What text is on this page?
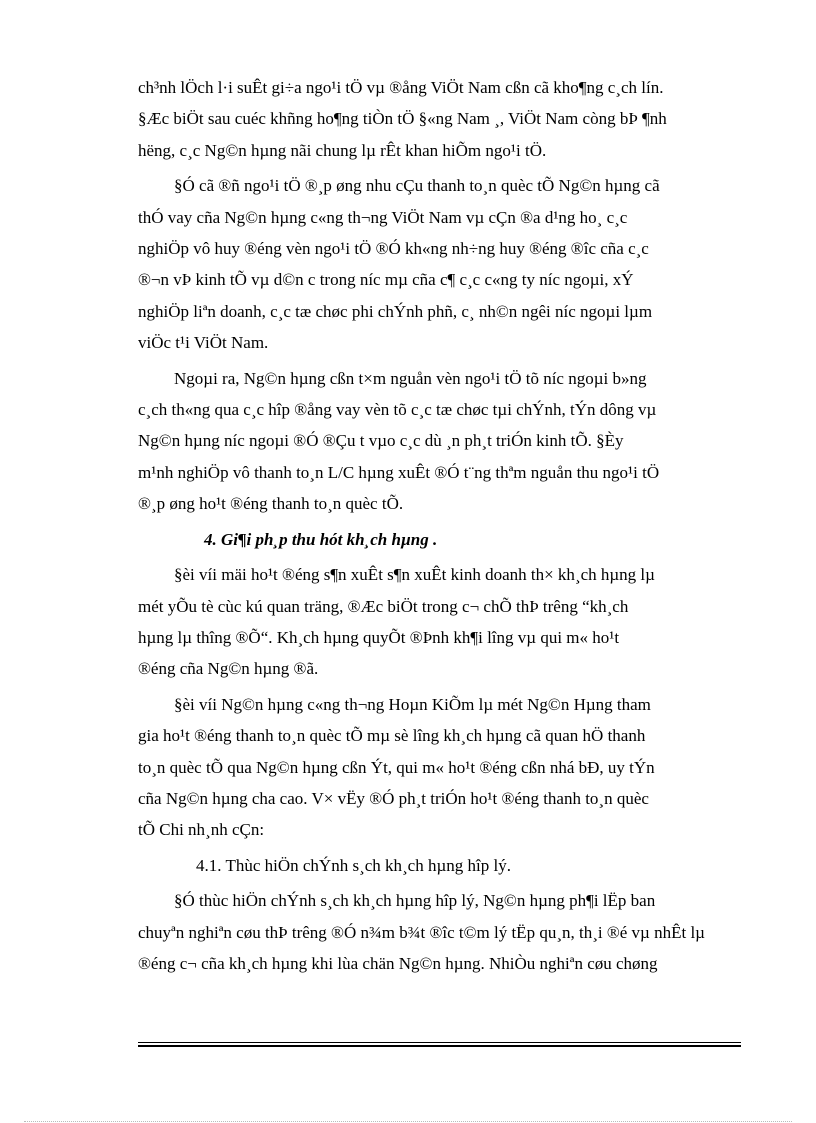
ch³nh lÖch l·i suÊt gi÷a ngo¹i tÖ vµ ®ång ViÖt Nam cßn cã kho¶ng c¸ch lín.
§Æc biÖt sau cuéc khñng ho¶ng tiÒn tÖ §«ng Nam ¸, ViÖt Nam còng bÞ ¶nh
hëng, c¸c Ng©n hµng nãi chung lµ rÊt khan hiÕm ngo¹i tÖ.

§Ó cã ®ñ ngo¹i tÖ ®¸p øng nhu cÇu thanh to¸n quèc tÕ Ng©n hµng cã
thÓ vay cña Ng©n hµng c«ng th¬ng ViÖt Nam vµ cÇn ®a d¹ng ho¸ c¸c
nghiÖp vô huy ®éng vèn ngo¹i tÖ ®Ó kh«ng nh÷ng huy ®éng ®îc cña c¸c
®¬n vÞ kinh tÕ vµ d©n c trong níc mµ cña c¶ c¸c c«ng ty níc ngoµi, xÝ
nghiÖp liªn doanh, c¸c tæ chøc phi chÝnh phñ, c¸ nh©n ngêi níc ngoµi lµm
viÖc t¹i ViÖt Nam.

Ngoµi ra, Ng©n hµng cßn t×m nguån vèn ngo¹i tÖ tõ níc ngoµi b»ng
c¸ch th«ng qua c¸c hîp ®ång vay vèn tõ c¸c tæ chøc tµi chÝnh, tÝn dông vµ
Ng©n hµng níc ngoµi ®Ó ®Çu t vµo c¸c dù ¸n ph¸t triÓn kinh tÕ. §Èy
m¹nh nghiÖp vô thanh to¸n L/C hµng xuÊt ®Ó t¨ng thªm nguån thu ngo¹i tÖ
®¸p øng ho¹t ®éng thanh to¸n quèc tÕ.

4. Gi¶i ph¸p thu hót kh¸ch hµng .

§èi víi mäi ho¹t ®éng s¶n xuÊt s¶n xuÊt kinh doanh th× kh¸ch hµng lµ
mét yÕu tè cùc kú quan träng, ®Æc biÖt trong c¬ chÕ thÞ trêng “kh¸ch
hµng lµ thîng ®Õ“. Kh¸ch hµng quyÕt ®Þnh kh¶i lîng vµ qui m« ho¹t
®éng cña Ng©n hµng ®ã.

§èi víi Ng©n hµng c«ng th¬ng Hoµn KiÕm lµ mét Ng©n Hµng tham
gia ho¹t ®éng thanh to¸n quèc tÕ mµ sè lîng kh¸ch hµng cã quan hÖ thanh
to¸n quèc tÕ qua Ng©n hµng cßn Ýt, qui m« ho¹t ®éng cßn nhá bÐ, uy tÝn
cña Ng©n hµng cha cao. V× vËy ®Ó ph¸t triÓn ho¹t ®éng thanh to¸n quèc
tÕ Chi nh¸nh cÇn:

4.1. Thùc hiÖn chÝnh s¸ch kh¸ch hµng hîp lý.

§Ó thùc hiÖn chÝnh s¸ch kh¸ch hµng hîp lý, Ng©n hµng ph¶i lËp ban
chuyªn nghiªn cøu thÞ trêng ®Ó n¾m b¾t ®îc t©m lý tËp qu¸n, th¸i ®é vµ nhÊt lµ
®éng c¬ cña kh¸ch hµng khi lùa chän Ng©n hµng. NhiÒu nghiªn cøu chøng
